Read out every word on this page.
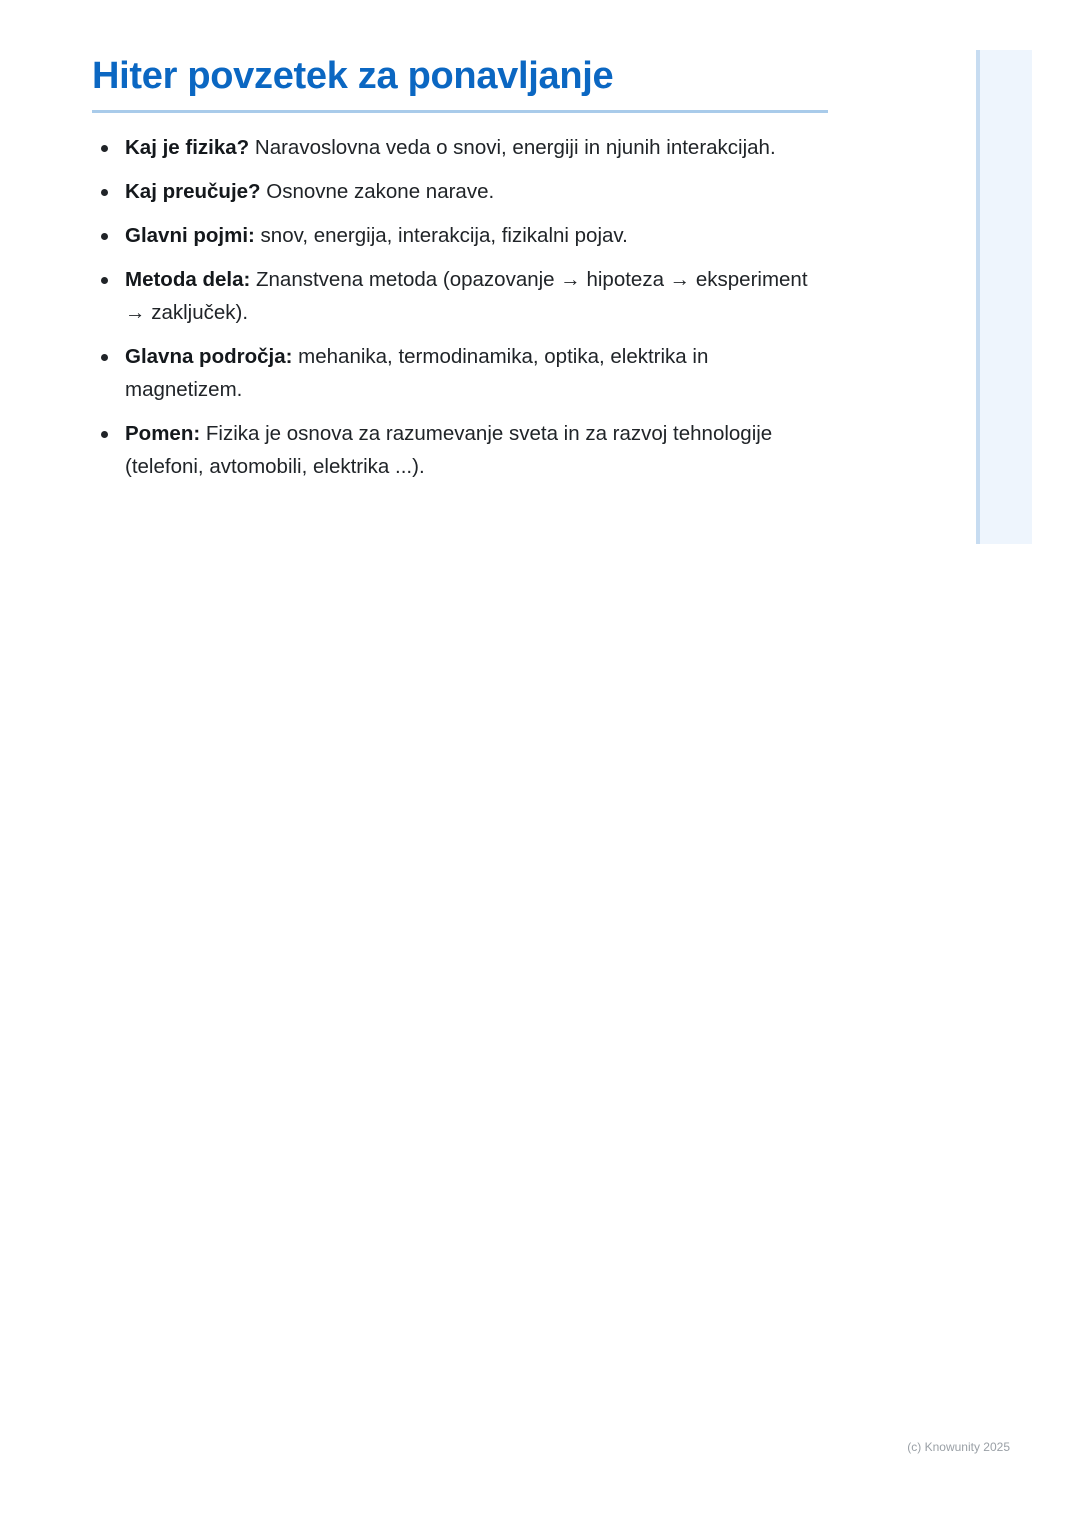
Hiter povzetek za ponavljanje
Kaj je fizika? Naravoslovna veda o snovi, energiji in njunih interakcijah.
Kaj preučuje? Osnovne zakone narave.
Glavni pojmi: snov, energija, interakcija, fizikalni pojav.
Metoda dela: Znanstvena metoda (opazovanje → hipoteza → eksperiment → zaključek).
Glavna področja: mehanika, termodinamika, optika, elektrika in magnetizem.
Pomen: Fizika je osnova za razumevanje sveta in za razvoj tehnologije (telefoni, avtomobili, elektrika ...).
(c) Knowunity 2025
